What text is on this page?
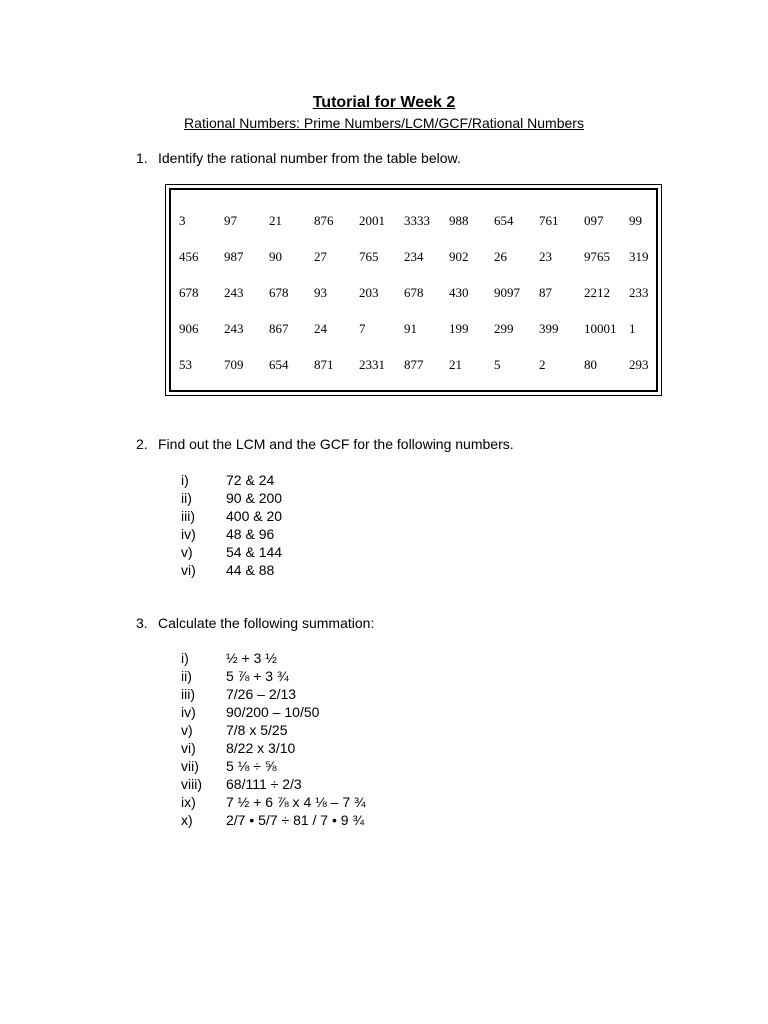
Tutorial for Week 2
Rational Numbers: Prime Numbers/LCM/GCF/Rational Numbers
1. Identify the rational number from the table below.
3	97 21 876 2001 3333 988 654 761 097 99
456 987 90 27 765 234 902 26 23 9765 319
678 243 678 93 203 678 430 9097 87 2212 233
906 243 867 24 7	91 199 299 399 10001 1
53 709 654 871 2331 877 21 5	2	80 293
2. Find out the LCM and the GCF for the following numbers.
i)	72 & 24
ii) 90 & 200
iii) 400 & 20
iv) 48 & 96
v) 54 & 144
vi) 44 & 88
3. Calculate the following summation:
i)	½ + 3 ½
ii) 5 ⅞ + 3 ¾
iii) 7/26 – 2/13
iv) 90/200 – 10/50
v) 7/8 x 5/25
vi) 8/22 x 3/10
vii) 5 ⅛ ÷ ⅝
viii) 68/111 ÷ 2/3
ix) 7 ½ + 6 ⅞ x 4 ⅛ – 7 ¾
x) 2/7 • 5/7 ÷ 81 / 7 • 9 ¾
